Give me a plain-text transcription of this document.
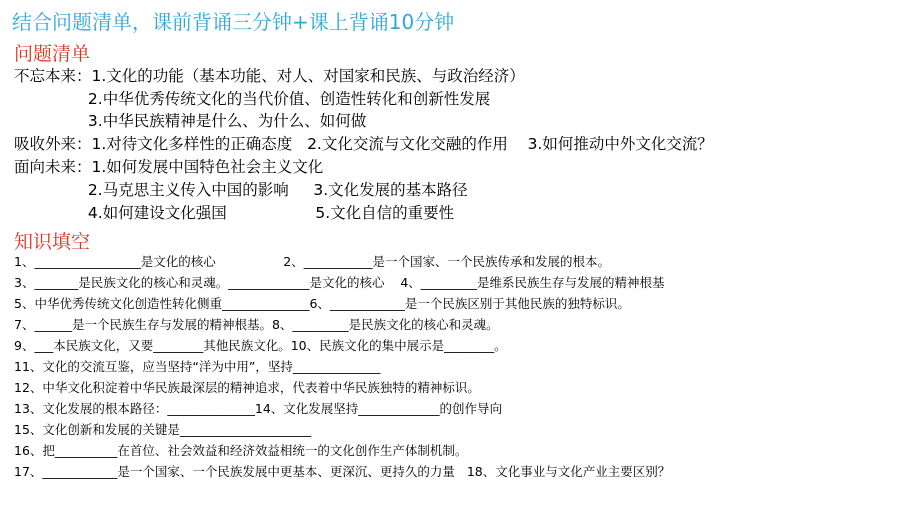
结合问题清单，课前背诵三分钟+课上背诵10分钟
问题清单
不忘本来：1.文化的功能（基本功能、对人、对国家和民族、与政治经济）
2.中华优秀传统文化的当代价值、创造性转化和创新性发展
3.中华民族精神是什么、为什么、如何做
吸收外来：1.对待文化多样性的正确态度   2.文化交流与文化交融的作用    3.如何推动中外文化交流？
面向未来：1.如何发展中国特色社会主义文化
2.马克思主义传入中国的影响     3.文化发展的基本路径
4.如何建设文化强国                  5.文化自信的重要性
知识填空
1、_________________是文化的核心                 2、___________是一个国家、一个民族传承和发展的根本。
3、_______是民族文化的核心和灵魂。_____________是文化的核心    4、_________是维系民族生存与发展的精神根基
5、中华优秀传统文化创造性转化侧重______________6、____________是一个民族区别于其他民族的独特标识。
7、______是一个民族生存与发展的精神根基。8、_________是民族文化的核心和灵魂。
9、___本民族文化，又要________其他民族文化。10、民族文化的集中展示是________。
11、文化的交流互鉴，应当坚持“洋为中用”，坚持______________
12、中华文化积淀着中华民族最深层的精神追求，代表着中华民族独特的精神标识。
13、文化发展的根本路径：______________14、文化发展坚持_____________的创作导向
15、文化创新和发展的关键是_____________________
16、把__________在首位、社会效益和经济效益相统一的文化创作生产体制机制。
17、____________是一个国家、一个民族发展中更基本、更深沉、更持久的力量   18、文化事业与文化产业主要区别？
